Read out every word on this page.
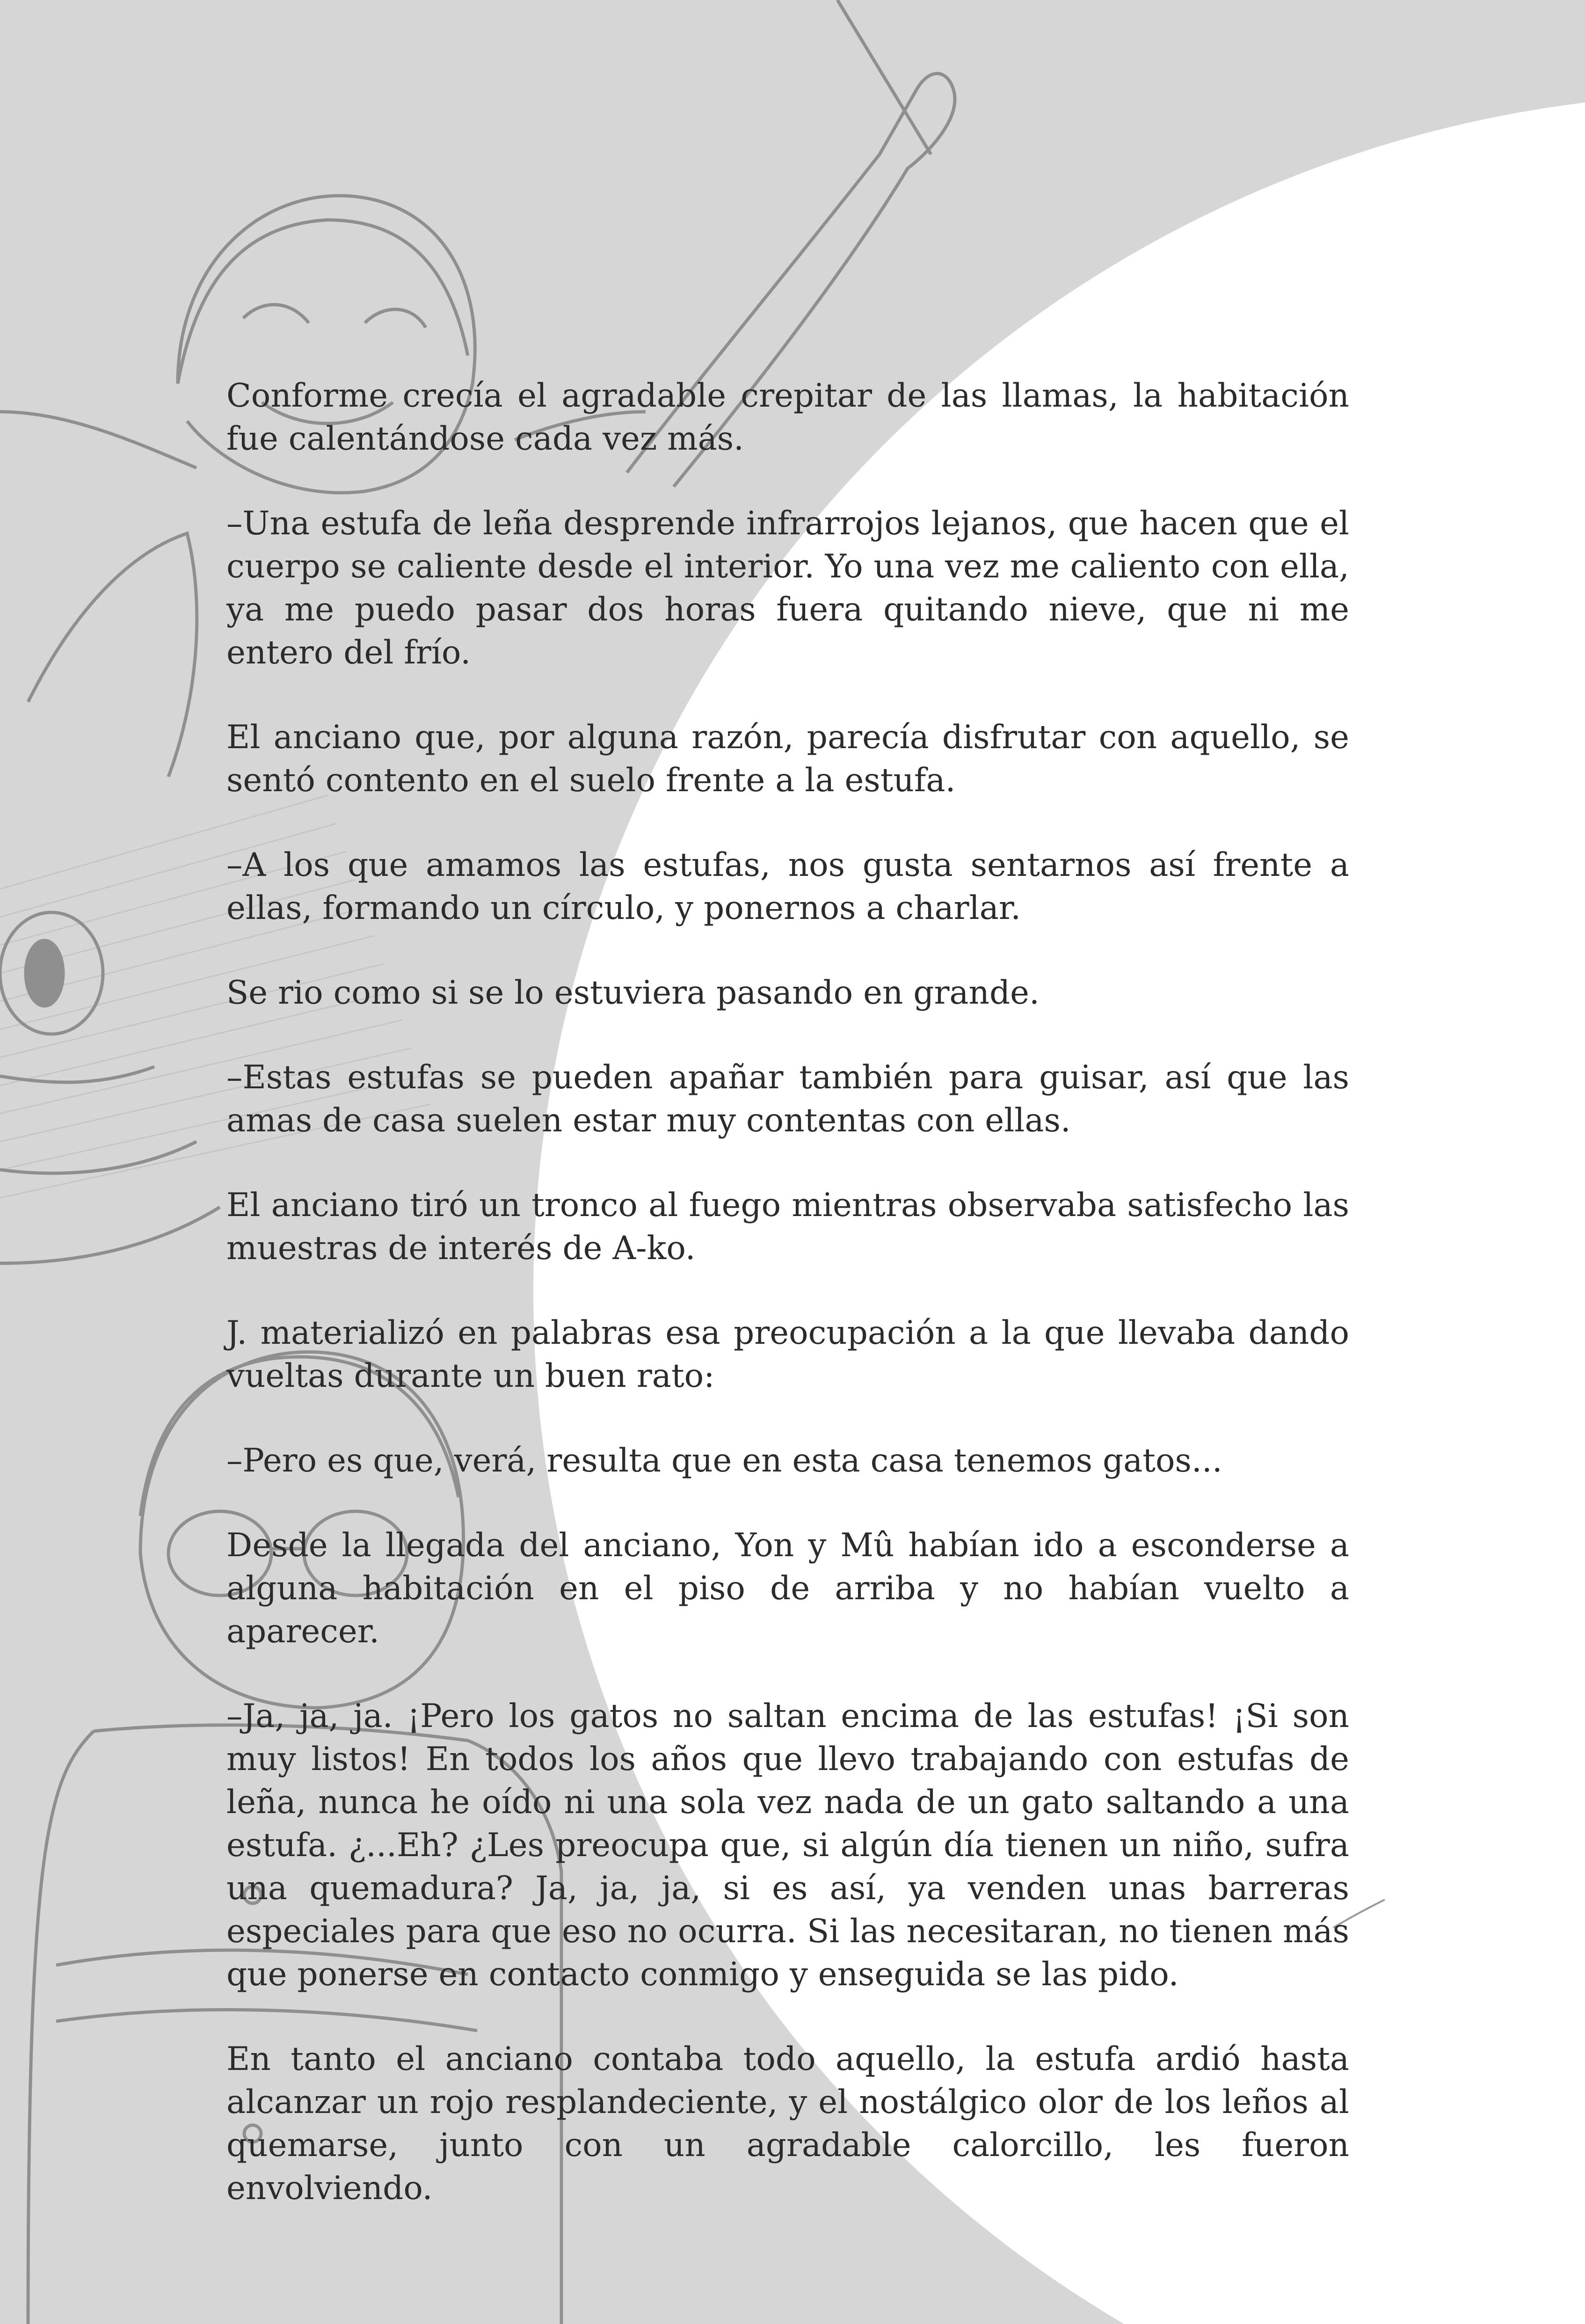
Conforme crecía el agradable crepitar de las llamas, la habitación fue calentándose cada vez más.

–Una estufa de leña desprende infrarrojos lejanos, que hacen que el cuerpo se caliente desde el interior. Yo una vez me caliento con ella, ya me puedo pasar dos horas fuera quitando nieve, que ni me entero del frío.

El anciano que, por alguna razón, parecía disfrutar con aquello, se sentó contento en el suelo frente a la estufa.

–A los que amamos las estufas, nos gusta sentarnos así frente a ellas, formando un círculo, y ponernos a charlar.

Se rio como si se lo estuviera pasando en grande.

–Estas estufas se pueden apañar también para guisar, así que las amas de casa suelen estar muy contentas con ellas.

El anciano tiró un tronco al fuego mientras observaba satisfecho las muestras de interés de A-ko.

J. materializó en palabras esa preocupación a la que llevaba dando vueltas durante un buen rato:

–Pero es que, verá, resulta que en esta casa tenemos gatos...

Desde la llegada del anciano, Yon y Mû habían ido a esconderse a alguna habitación en el piso de arriba y no habían vuelto a aparecer.

–Ja, ja, ja. ¡Pero los gatos no saltan encima de las estufas! ¡Si son muy listos! En todos los años que llevo trabajando con estufas de leña, nunca he oído ni una sola vez nada de un gato saltando a una estufa. ¿...Eh? ¿Les preocupa que, si algún día tienen un niño, sufra una quemadura? Ja, ja, ja, si es así, ya venden unas barreras especiales para que eso no ocurra. Si las necesitaran, no tienen más que ponerse en contacto conmigo y enseguida se las pido.

En tanto el anciano contaba todo aquello, la estufa ardió hasta alcanzar un rojo resplandeciente, y el nostálgico olor de los leños al quemarse, junto con un agradable calorcillo, les fueron envolviendo.
